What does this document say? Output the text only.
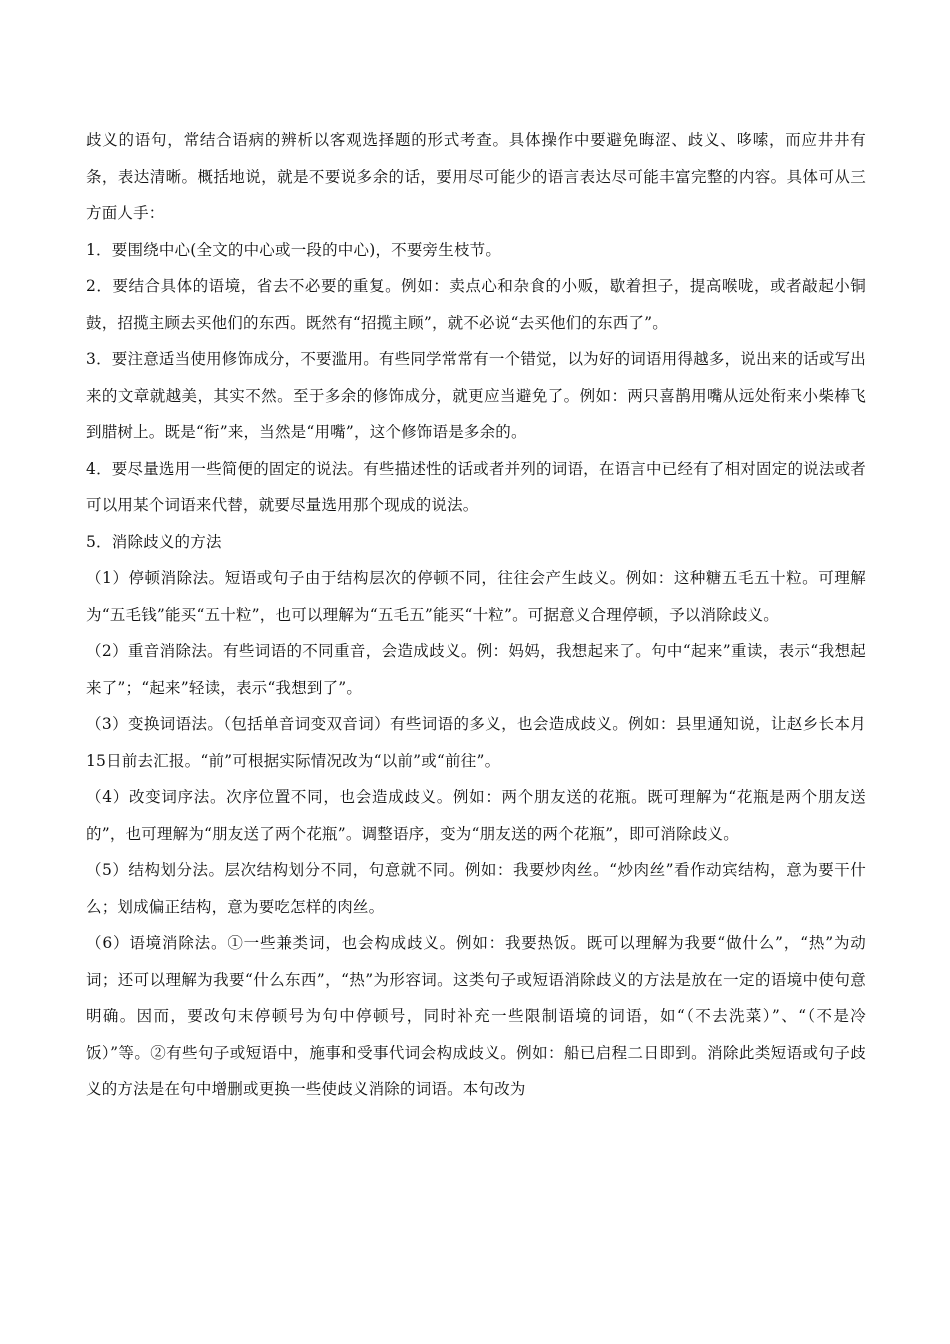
歧义的语句，常结合语病的辨析以客观选择题的形式考查。具体操作中要避免晦涩、歧义、哆嗦，而应井井有条，表达清晰。概括地说，就是不要说多余的话，要用尽可能少的语言表达尽可能丰富完整的内容。具体可从三方面人手：

1．要围绕中心(全文的中心或一段的中心)，不要旁生枝节。

2．要结合具体的语境，省去不必要的重复。例如：卖点心和杂食的小贩，歇着担子，提高喉咙，或者敲起小铜鼓，招揽主顾去买他们的东西。既然有“招揽主顾”，就不必说“去买他们的东西了”。

3．要注意适当使用修饰成分，不要滥用。有些同学常常有一个错觉，以为好的词语用得越多，说出来的话或写出来的文章就越美，其实不然。至于多余的修饰成分，就更应当避免了。例如：两只喜鹊用嘴从远处衔来小柴棒飞到腊树上。既是“衔”来，当然是“用嘴”，这个修饰语是多余的。

4．要尽量选用一些简便的固定的说法。有些描述性的话或者并列的词语，在语言中已经有了相对固定的说法或者可以用某个词语来代替，就要尽量选用那个现成的说法。

5．消除歧义的方法

（1）停顿消除法。短语或句子由于结构层次的停顿不同，往往会产生歧义。例如：这种糖五毛五十粒。可理解为“五毛钱”能买“五十粒”，也可以理解为“五毛五”能买“十粒”。可据意义合理停顿，予以消除歧义。

（2）重音消除法。有些词语的不同重音，会造成歧义。例：妈妈，我想起来了。句中“起来”重读，表示“我想起来了”；“起来”轻读，表示“我想到了”。

（3）变换词语法。（包括单音词变双音词）有些词语的多义，也会造成歧义。例如：县里通知说，让赵乡长本月15日前去汇报。“前”可根据实际情况改为“以前”或“前往”。

（4）改变词序法。次序位置不同，也会造成歧义。例如：两个朋友送的花瓶。既可理解为“花瓶是两个朋友送的”，也可理解为“朋友送了两个花瓶”。调整语序，变为“朋友送的两个花瓶”，即可消除歧义。

（5）结构划分法。层次结构划分不同，句意就不同。例如：我要炒肉丝。“炒肉丝”看作动宾结构，意为要干什么；划成偏正结构，意为要吃怎样的肉丝。

（6）语境消除法。①一些兼类词，也会构成歧义。例如：我要热饭。既可以理解为我要“做什么”，“热”为动词；还可以理解为我要“什么东西”，“热”为形容词。这类句子或短语消除歧义的方法是放在一定的语境中使句意明确。因而，要改句末停顿号为句中停顿号，同时补充一些限制语境的词语，如“（不去洗菜）”、“（不是冷饭）”等。②有些句子或短语中，施事和受事代词会构成歧义。例如：船已启程二日即到。消除此类短语或句子歧义的方法是在句中增删或更换一些使歧义消除的词语。本句改为
